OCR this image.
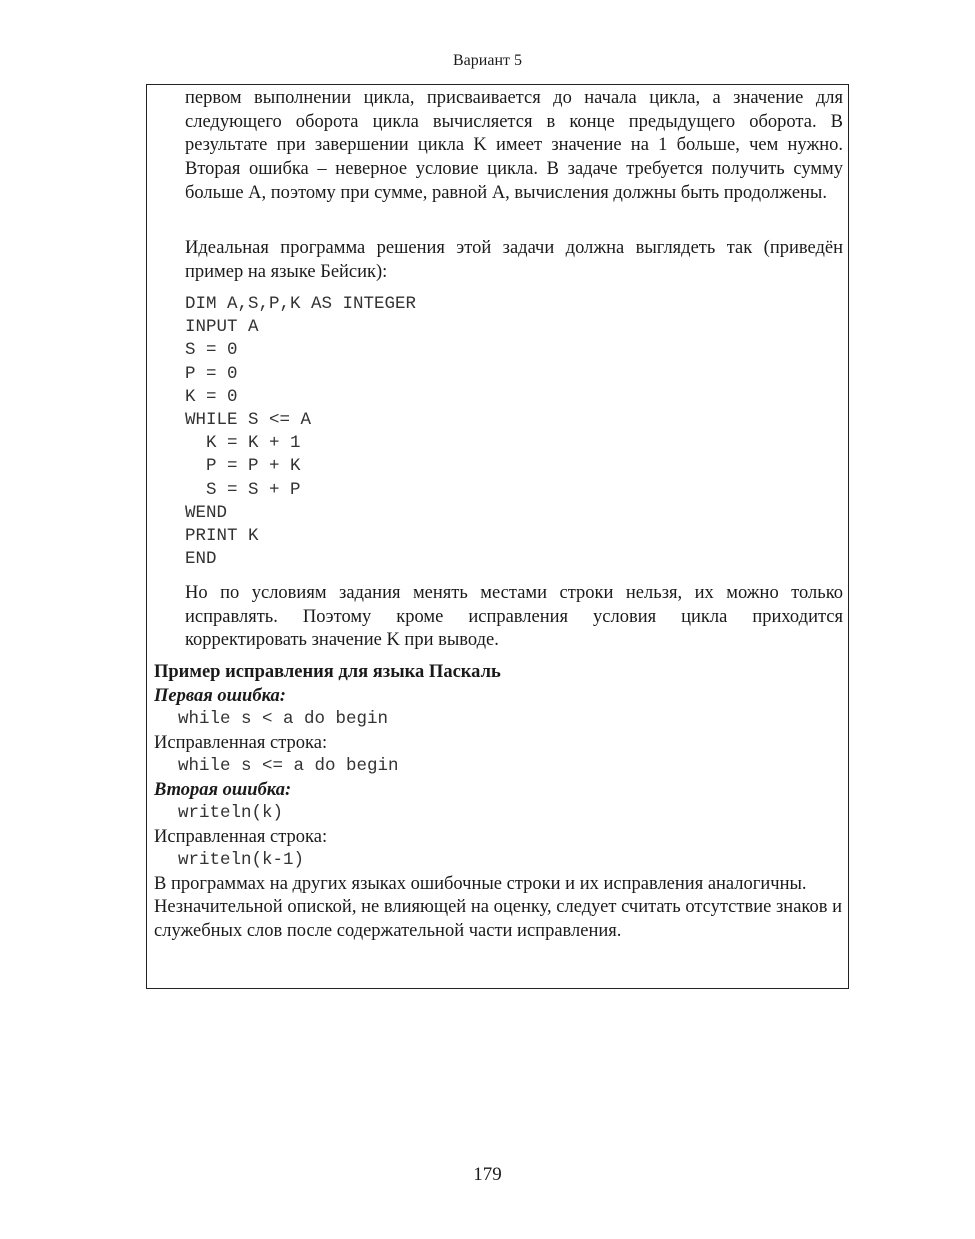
Вариант 5

первом выполнении цикла, присваивается до начала цикла, а значение для следующего оборота цикла вычисляется в конце предыдущего оборота. В результате при завершении цикла K имеет значение на 1 больше, чем нужно. Вторая ошибка – неверное условие цикла. В задаче требуется получить сумму больше A, поэтому при сумме, равной A, вычисления должны быть продолжены.

Идеальная программа решения этой задачи должна выглядеть так (приведён пример на языке Бейсик):

DIM A,S,P,K AS INTEGER
INPUT A
S = 0
P = 0
K = 0
WHILE S <= A
K = K + 1
P = P + K
S = S + P
WEND
PRINT K
END

Но по условиям задания менять местами строки нельзя, их можно только исправлять. Поэтому кроме исправления условия цикла приходится корректировать значение K при выводе.

Пример исправления для языка Паскаль
Первая ошибка:
while s < a do begin
Исправленная строка:
while s <= a do begin
Вторая ошибка:
writeln(k)
Исправленная строка:
writeln(k-1)

В программах на других языках ошибочные строки и их исправления аналогичны.

Незначительной опиской, не влияющей на оценку, следует считать отсутствие знаков и служебных слов после содержательной части исправления.

179
